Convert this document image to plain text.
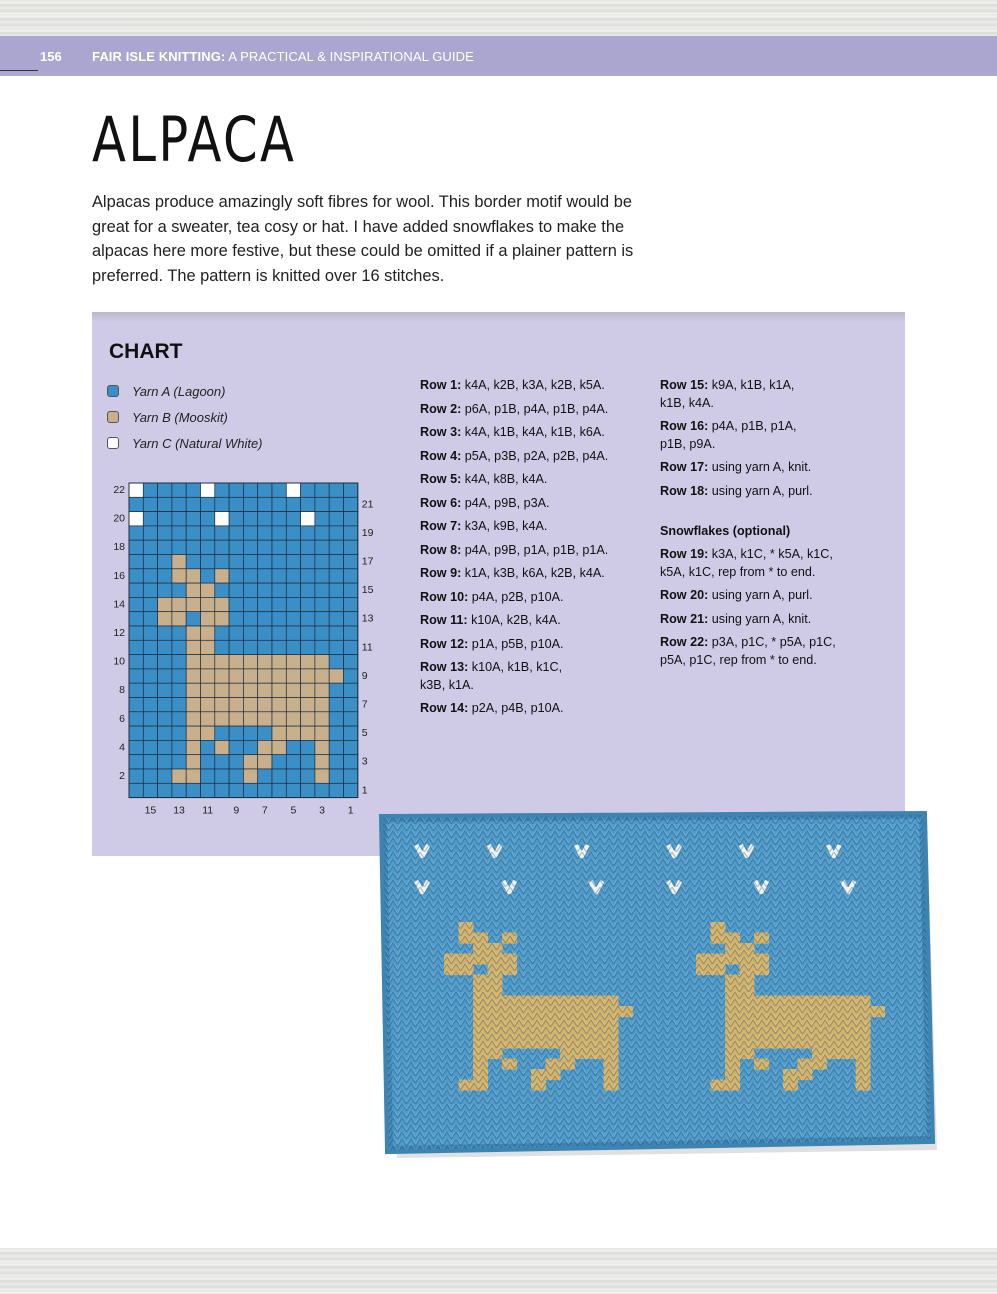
156 FAIR ISLE KNITTING: A PRACTICAL & INSPIRATIONAL GUIDE
ALPACA
Alpacas produce amazingly soft fibres for wool. This border motif would be
great for a sweater, tea cosy or hat. I have added snowflakes to make the
alpacas here more festive, but these could be omitted if a plainer pattern is
preferred. The pattern is knitted over 16 stitches.
CHART
Yarn A (Lagoon)
Yarn B (Mooskit)
Yarn C (Natural White)
22
20
18
16
14
12
10
8
6
4
2
21
19
17
15
13
11
9
7
5
3
1
15 13 11 9 7 5 3 1
Row 1: k4A, k2B, k3A, k2B, k5A.
Row 2: p6A, p1B, p4A, p1B, p4A.
Row 3: k4A, k1B, k4A, k1B, k6A.
Row 4: p5A, p3B, p2A, p2B, p4A.
Row 5: k4A, k8B, k4A.
Row 6: p4A, p9B, p3A.
Row 7: k3A, k9B, k4A.
Row 8: p4A, p9B, p1A, p1B, p1A.
Row 9: k1A, k3B, k6A, k2B, k4A.
Row 10: p4A, p2B, p10A.
Row 11: k10A, k2B, k4A.
Row 12: p1A, p5B, p10A.
Row 13: k10A, k1B, k1C,
k3B, k1A.
Row 14: p2A, p4B, p10A.
Row 15: k9A, k1B, k1A,
k1B, k4A.
Row 16: p4A, p1B, p1A,
p1B, p9A.
Row 17: using yarn A, knit.
Row 18: using yarn A, purl.
Snowflakes (optional)
Row 19: k3A, k1C, * k5A, k1C,
k5A, k1C, rep from * to end.
Row 20: using yarn A, purl.
Row 21: using yarn A, knit.
Row 22: p3A, p1C, * p5A, p1C,
p5A, p1C, rep from * to end.
